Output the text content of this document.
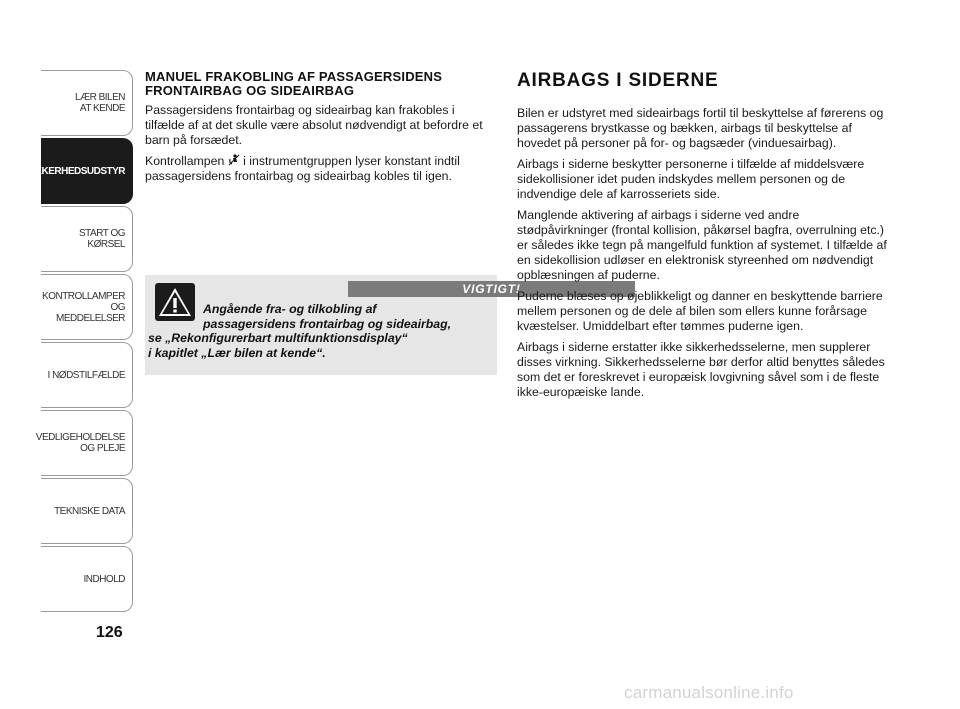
LÆR BILEN
AT KENDE
SIKKERHEDSUDSTYR
START OG KØRSEL
KONTROLLAMPER
OG MEDDELELSER
I NØDSTILFÆLDE
VEDLIGEHOLDELSE
OG PLEJE
TEKNISKE DATA
INDHOLD
126
MANUEL FRAKOBLING AF PASSAGERSIDENS
FRONTAIRBAG OG SIDEAIRBAG

Passagersidens frontairbag og sideairbag kan frakobles i tilfælde af at det skulle være absolut nødvendigt at befordre et barn på forsædet.

Kontrollampen  i instrumentgruppen lyser konstant indtil passagersidens frontairbag og sideairbag kobles til igen.

VIGTIGT!
Angående fra- og tilkobling af
passagersidens frontairbag og sideairbag,
se „Rekonfigurerbart multifunktionsdisplay“
i kapitlet „Lær bilen at kende“.
AIRBAGS I SIDERNE

Bilen er udstyret med sideairbags fortil til beskyttelse af førerens og passagerens brystkasse og bækken, airbags til beskyttelse af hovedet på personer på for- og bagsæder (vinduesairbag).

Airbags i siderne beskytter personerne i tilfælde af middelsvære sidekollisioner idet puden indskydes mellem personen og de indvendige dele af karrosseriets side.

Manglende aktivering af airbags i siderne ved andre stødpåvirkninger (frontal kollision, påkørsel bagfra, overrulning etc.) er således ikke tegn på mangelfuld funktion af systemet. I tilfælde af en sidekollision udløser en elektronisk styreenhed om nødvendigt opblæsningen af puderne.

Puderne blæses op øjeblikkeligt og danner en beskyttende barriere mellem personen og de dele af bilen som ellers kunne forårsage kvæstelser. Umiddelbart efter tømmes puderne igen.

Airbags i siderne erstatter ikke sikkerhedsselerne, men supplerer disses virkning. Sikkerhedsselerne bør derfor altid benyttes således som det er foreskrevet i europæisk lovgivning såvel som i de fleste ikke-europæiske lande.

carmanualsonline.info
